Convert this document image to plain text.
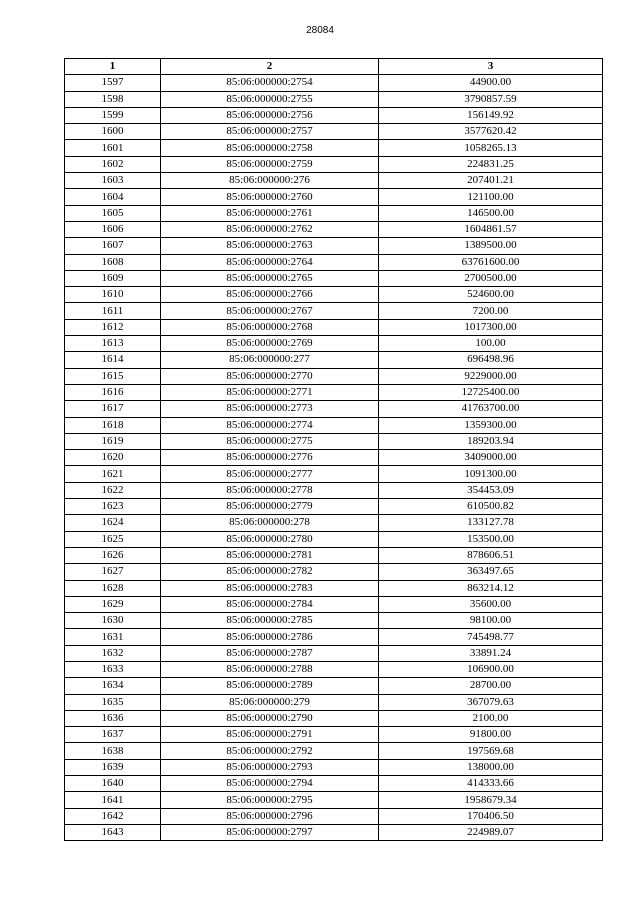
28084
1	2	3
1597	85:06:000000:2754	44900.00
1598	85:06:000000:2755	3790857.59
1599	85:06:000000:2756	156149.92
1600	85:06:000000:2757	3577620.42
1601	85:06:000000:2758	1058265.13
1602	85:06:000000:2759	224831.25
1603	85:06:000000:276	207401.21
1604	85:06:000000:2760	121100.00
1605	85:06:000000:2761	146500.00
1606	85:06:000000:2762	1604861.57
1607	85:06:000000:2763	1389500.00
1608	85:06:000000:2764	63761600.00
1609	85:06:000000:2765	2700500.00
1610	85:06:000000:2766	524600.00
1611	85:06:000000:2767	7200.00
1612	85:06:000000:2768	1017300.00
1613	85:06:000000:2769	100.00
1614	85:06:000000:277	696498.96
1615	85:06:000000:2770	9229000.00
1616	85:06:000000:2771	12725400.00
1617	85:06:000000:2773	41763700.00
1618	85:06:000000:2774	1359300.00
1619	85:06:000000:2775	189203.94
1620	85:06:000000:2776	3409000.00
1621	85:06:000000:2777	1091300.00
1622	85:06:000000:2778	354453.09
1623	85:06:000000:2779	610500.82
1624	85:06:000000:278	133127.78
1625	85:06:000000:2780	153500.00
1626	85:06:000000:2781	878606.51
1627	85:06:000000:2782	363497.65
1628	85:06:000000:2783	863214.12
1629	85:06:000000:2784	35600.00
1630	85:06:000000:2785	98100.00
1631	85:06:000000:2786	745498.77
1632	85:06:000000:2787	33891.24
1633	85:06:000000:2788	106900.00
1634	85:06:000000:2789	28700.00
1635	85:06:000000:279	367079.63
1636	85:06:000000:2790	2100.00
1637	85:06:000000:2791	91800.00
1638	85:06:000000:2792	197569.68
1639	85:06:000000:2793	138000.00
1640	85:06:000000:2794	414333.66
1641	85:06:000000:2795	1958679.34
1642	85:06:000000:2796	170406.50
1643	85:06:000000:2797	224989.07
